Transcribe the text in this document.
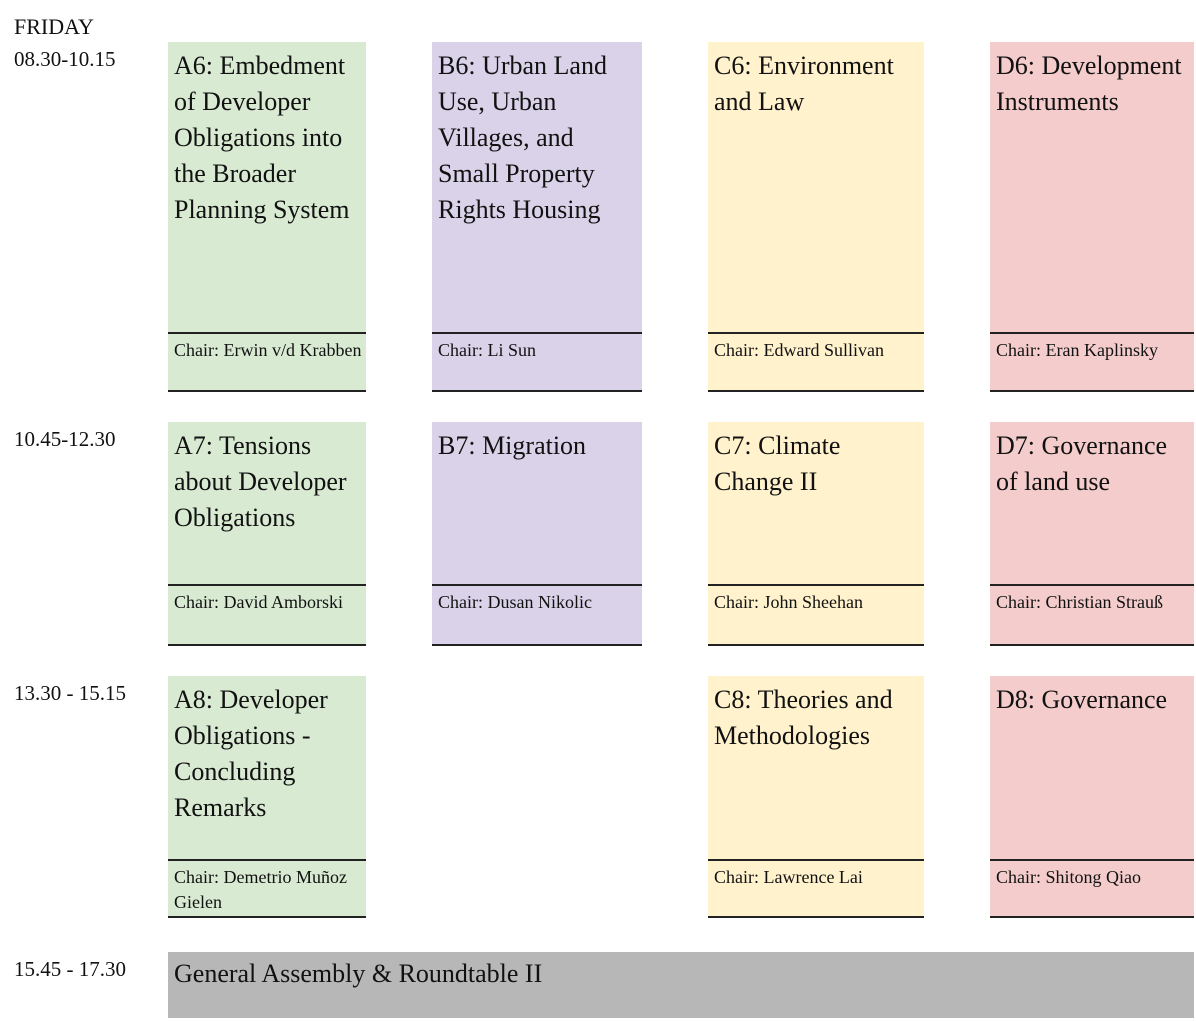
FRIDAY
08.30-10.15 A6: Embedment of Developer Obligations into the Broader Planning System
Chair: Erwin v/d Krabben
B6: Urban Land Use, Urban Villages, and Small Property Rights Housing
Chair: Li Sun
C6: Environment and Law
Chair: Edward Sullivan
D6: Development Instruments
Chair: Eran Kaplinsky
10.45-12.30 A7: Tensions about Developer Obligations
Chair: David Amborski
B7: Migration
Chair: Dusan Nikolic
C7: Climate Change II
Chair: John Sheehan
D7: Governance of land use
Chair: Christian Strauß
13.30 - 15.15 A8: Developer Obligations - Concluding Remarks
Chair: Demetrio Muñoz Gielen
C8: Theories and Methodologies
Chair: Lawrence Lai
D8: Governance
Chair: Shitong Qiao
15.45 - 17.30 General Assembly & Roundtable II
